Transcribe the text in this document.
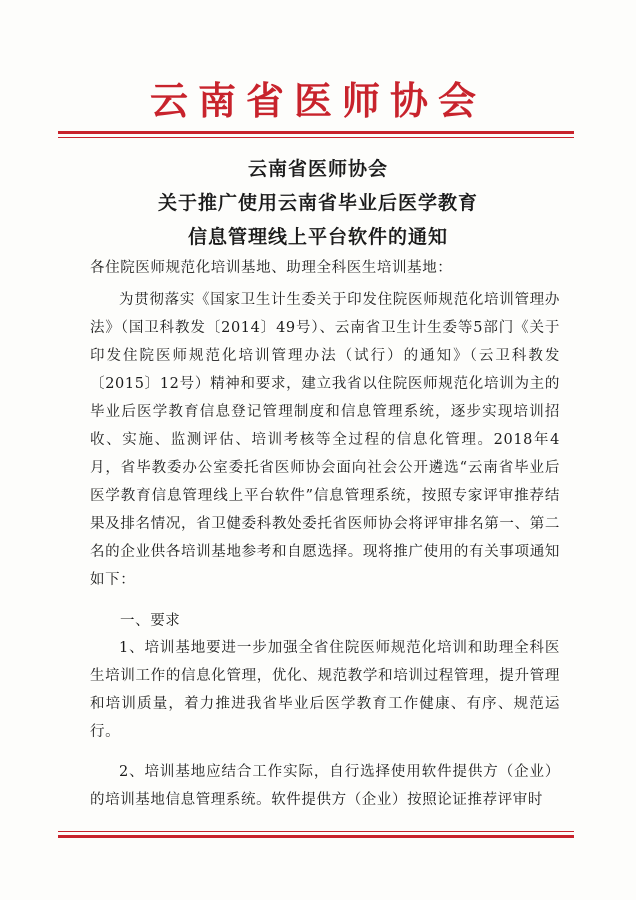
云南省医师协会
云南省医师协会
关于推广使用云南省毕业后医学教育
信息管理线上平台软件的通知

各住院医师规范化培训基地、助理全科医生培训基地：

为贯彻落实《国家卫生计生委关于印发住院医师规范化培训管理办法》（国卫科教发〔2014〕49号）、云南省卫生计生委等5部门《关于印发住院医师规范化培训管理办法（试行）的通知》（云卫科教发〔2015〕12号）精神和要求，建立我省以住院医师规范化培训为主的毕业后医学教育信息登记管理制度和信息管理系统，逐步实现培训招收、实施、监测评估、培训考核等全过程的信息化管理。2018年4月，省毕教委办公室委托省医师协会面向社会公开遴选“云南省毕业后医学教育信息管理线上平台软件”信息管理系统，按照专家评审推荐结果及排名情况，省卫健委科教处委托省医师协会将评审排名第一、第二名的企业供各培训基地参考和自愿选择。现将推广使用的有关事项通知如下：

一、要求

1、培训基地要进一步加强全省住院医师规范化培训和助理全科医生培训工作的信息化管理，优化、规范教学和培训过程管理，提升管理和培训质量，着力推进我省毕业后医学教育工作健康、有序、规范运行。

2、培训基地应结合工作实际，自行选择使用软件提供方（企业）的培训基地信息管理系统。软件提供方（企业）按照论证推荐评审时
